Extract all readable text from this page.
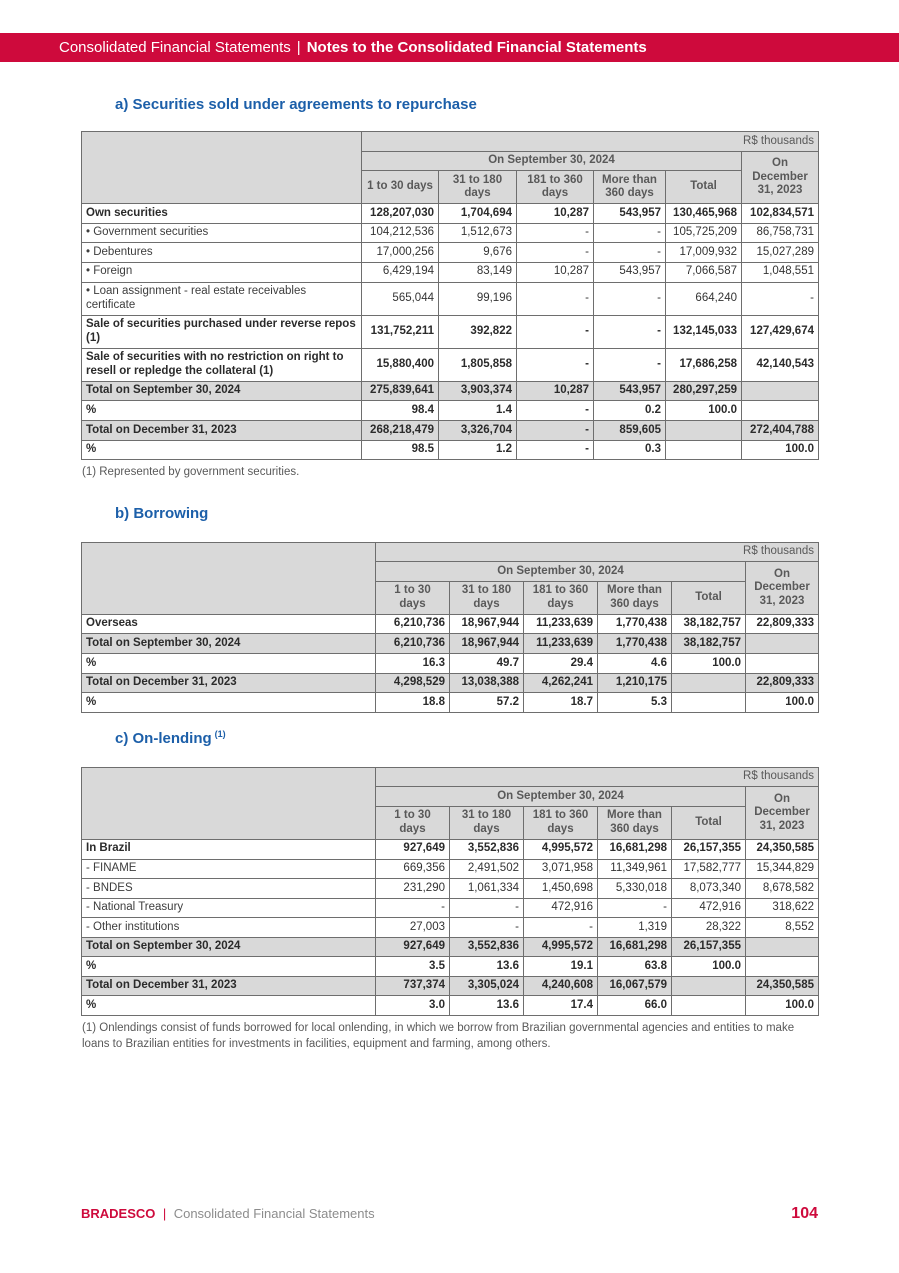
Consolidated Financial Statements | Notes to the Consolidated Financial Statements
a) Securities sold under agreements to repurchase
	R$ thousands					
	On September 30, 2024					On December 31, 2023
	1 to 30 days	31 to 180 days	181 to 360 days	More than 360 days	Total	
Own securities	128,207,030	1,704,694	10,287	543,957	130,465,968	102,834,571
• Government securities	104,212,536	1,512,673	-	-	105,725,209	86,758,731
• Debentures	17,000,256	9,676	-	-	17,009,932	15,027,289
• Foreign	6,429,194	83,149	10,287	543,957	7,066,587	1,048,551
• Loan assignment - real estate receivables certificate	565,044	99,196	-	-	664,240	-
Sale of securities purchased under reverse repos (1)	131,752,211	392,822	-	-	132,145,033	127,429,674
Sale of securities with no restriction on right to resell or repledge the collateral (1)	15,880,400	1,805,858	-	-	17,686,258	42,140,543
Total on September 30, 2024	275,839,641	3,903,374	10,287	543,957	280,297,259	
%	98.4	1.4	-	0.2	100.0	
Total on December 31, 2023	268,218,479	3,326,704	-	859,605		272,404,788
%	98.5	1.2	-	0.3		100.0
(1) Represented by government securities.
b) Borrowing
	R$ thousands					
	On September 30, 2024					On December 31, 2023
	1 to 30 days	31 to 180 days	181 to 360 days	More than 360 days	Total	
Overseas	6,210,736	18,967,944	11,233,639	1,770,438	38,182,757	22,809,333
Total on September 30, 2024	6,210,736	18,967,944	11,233,639	1,770,438	38,182,757	
%	16.3	49.7	29.4	4.6	100.0	
Total on December 31, 2023	4,298,529	13,038,388	4,262,241	1,210,175		22,809,333
%	18.8	57.2	18.7	5.3		100.0
c) On-lending $^{(1)}$
	R$ thousands					
	On September 30, 2024					On December 31, 2023
	1 to 30 days	31 to 180 days	181 to 360 days	More than 360 days	Total	
In Brazil	927,649	3,552,836	4,995,572	16,681,298	26,157,355	24,350,585
- FINAME	669,356	2,491,502	3,071,958	11,349,961	17,582,777	15,344,829
- BNDES	231,290	1,061,334	1,450,698	5,330,018	8,073,340	8,678,582
- National Treasury	-	-	472,916	-	472,916	318,622
- Other institutions	27,003	-	-	1,319	28,322	8,552
Total on September 30, 2024	927,649	3,552,836	4,995,572	16,681,298	26,157,355	
%	3.5	13.6	19.1	63.8	100.0	
Total on December 31, 2023	737,374	3,305,024	4,240,608	16,067,579		24,350,585
%	3.0	13.6	17.4	66.0		100.0
(1) Onlendings consist of funds borrowed for local onlending, in which we borrow from Brazilian governmental agencies and entities to make loans to Brazilian entities for investments in facilities, equipment and farming, among others.
BRADESCO | Consolidated Financial Statements	104
